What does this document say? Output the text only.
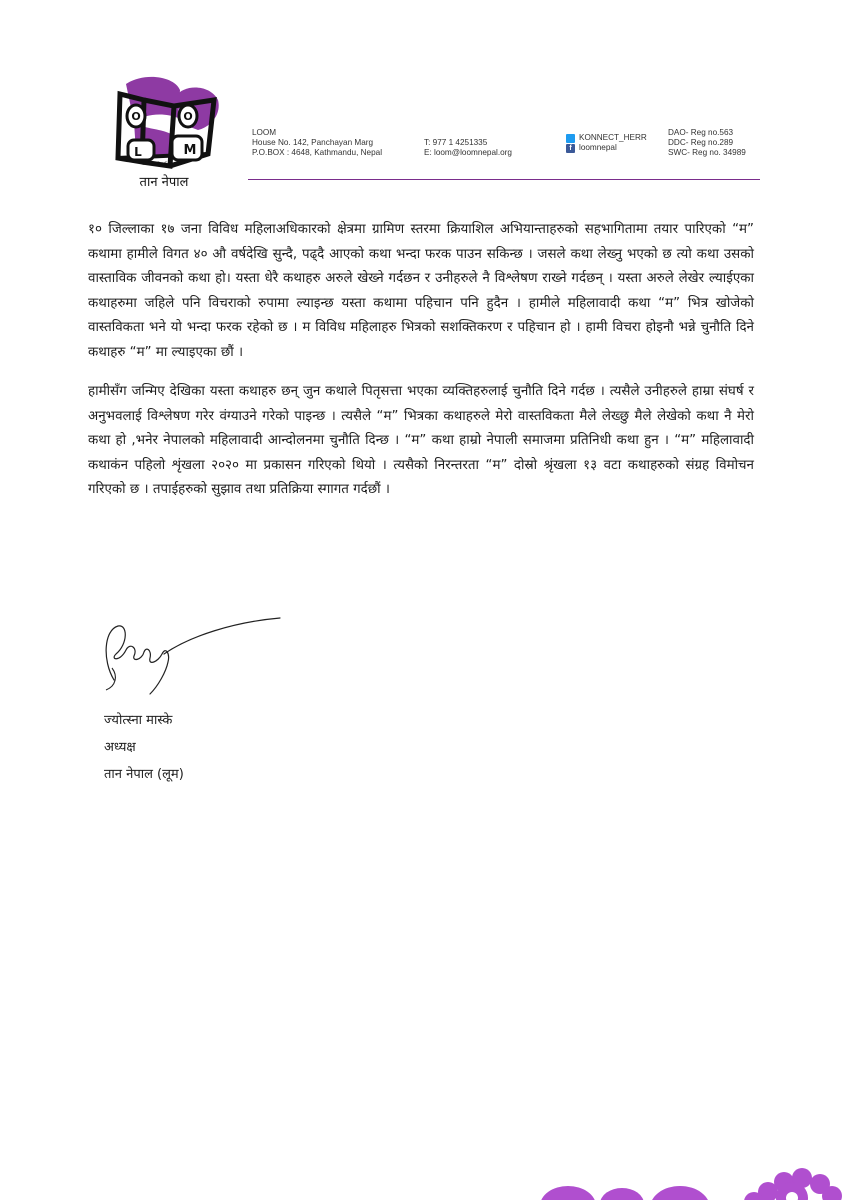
O	O
L	M
२०६६
तान नेपाल
LOOM
House No. 142, Panchayan Marg
P.O.BOX : 4648, Kathmandu, Nepal
T: 977 1 4251335
E: loom@loomnepal.org
KONNECT_HERR
f loomnepal
DAO- Reg no.563
DDC- Reg no.289
SWC- Reg no. 34989

१० जिल्लाका १७ जना विविध महिलाअधिकारको क्षेत्रमा ग्रामिण स्तरमा क्रियाशिल अभियान्ताहरुको सहभागितामा तयार पारिएको “म” कथामा हामीले विगत ४० औ वर्षदेखि सुन्दै, पढ्दै आएको कथा भन्दा फरक पाउन सकिन्छ । जसले कथा लेख्नु भएको छ त्यो कथा उसको वास्ताविक जीवनको कथा हो। यस्ता धेरै कथाहरु अरुले खेख्ने गर्दछन र उनीहरुले नै विश्लेषण राख्ने गर्दछन् । यस्ता अरुले लेखेर ल्याईएका कथाहरुमा जहिले पनि विचराको रुपामा ल्याइन्छ यस्ता कथामा पहिचान पनि हुदैन । हामीले महिलावादी कथा “म” भित्र खोजेको वास्तविकता भने यो भन्दा फरक रहेको छ । म विविध महिलाहरु भित्रको सशक्तिकरण र पहिचान हो । हामी विचरा होइनौ भन्ने चुनौति दिने कथाहरु “म” मा ल्याइएका छौं ।

हामीसँग जन्मिए देखिका यस्ता कथाहरु छन् जुन कथाले पितृसत्ता भएका व्यक्तिहरुलाई चुनौति दिने गर्दछ । त्यसैले उनीहरुले हाम्रा संघर्ष र अनुभवलाई विश्लेषण गरेर वंग्याउने गरेको पाइन्छ । त्यसैले “म” भित्रका कथाहरुले मेरो वास्तविकता मैले लेख्छु मैले लेखेको कथा नै मेरो कथा हो ,भनेर नेपालको महिलावादी आन्दोलनमा चुनौति दिन्छ । “म” कथा हाम्रो नेपाली समाजमा प्रतिनिधी कथा हुन । “म” महिलावादी कथाकंन पहिलो शृंखला २०२० मा प्रकासन गरिएको थियो । त्यसैको निरन्तरता “म” दोस्रो श्रृंखला १३ वटा कथाहरुको संग्रह विमोचन गरिएको छ । तपाईहरुको सुझाव तथा प्रतिक्रिया स्गागत गर्दछौं ।

ज्योत्स्ना मास्के
अध्यक्ष
तान नेपाल (लूम)
